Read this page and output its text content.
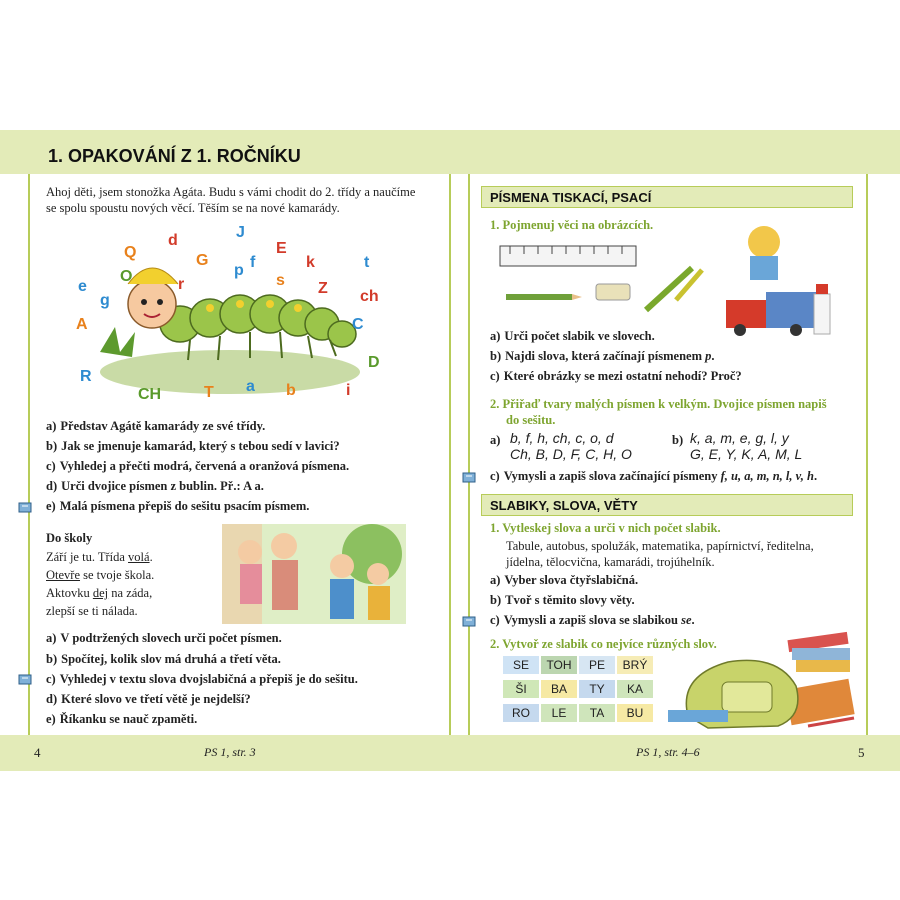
1. OPAKOVÁNÍ Z 1. ROČNÍKU

Ahoj děti, jsem stonožka Agáta. Budu s vámi chodit do 2. třídy a naučíme

se spolu spoustu nových věcí. Těším se na nové kamarády.

J
d	E
Q	G	f	k	t
e	r
p
s Z ch
A
g
C
R
CH	T a b	i
D
O
a) Představ Agátě kamarády ze své třídy.
b) Jak se jmenuje kamarád, který s tebou sedí v lavici?
c) Vyhledej a přečti modrá, červená a oranžová písmena.
d) Urči dvojice písmen z bublin. Př.: A a.
e) Malá písmena přepiš do sešitu psacím písmem.
Do školy

Září je tu. Třída volá.

Otevře se tvoje škola.

Aktovku dej na záda,

zlepší se ti nálada.

a) V podtržených slovech urči počet písmen.
b) Spočítej, kolik slov má druhá a třetí věta.
c) Vyhledej v textu slova dvojslabičná a přepiš je do sešitu.
d) Které slovo ve třetí větě je nejdelší?
e) Říkanku se nauč zpaměti.
4	PS 1, str. 3
PÍSMENA TISKACÍ, PSACÍ
1. Pojmenuj věci na obrázcích.
a) Urči počet slabik ve slovech.
b) Najdi slova, která začínají písmenem p.
c) Které obrázky se mezi ostatní nehodí? Proč?
2. Přiřaď tvary malých písmen k velkým. Dvojice písmen napiš
do sešitu.
a) b, f, h, ch, c, o, d
Ch, B, D, F, C, H, O
b) k, a, m, e, g, l, y
G, E, Y, K, A, M, L
c) Vymysli a zapiš slova začínající písmeny f, u, a, m, n, l, v, h.
SLABIKY, SLOVA, VĚTY
1. Vytleskej slova a urči v nich počet slabik.

Tabule, autobus, spolužák, matematika, papírnictví, ředitelna,

jídelna, tělocvična, kamarádi, trojúhelník.

a) Vyber slova čtyřslabičná.
b) Tvoř s těmito slovy věty.
c) Vymysli a zapiš slova se slabikou se.
2. Vytvoř ze slabik co nejvíce různých slov.
SE	TOH	PE	BRÝ
ŠI	BA	TY	KA
RO	LE	TA	BU
PS 1, str. 4–6	5
